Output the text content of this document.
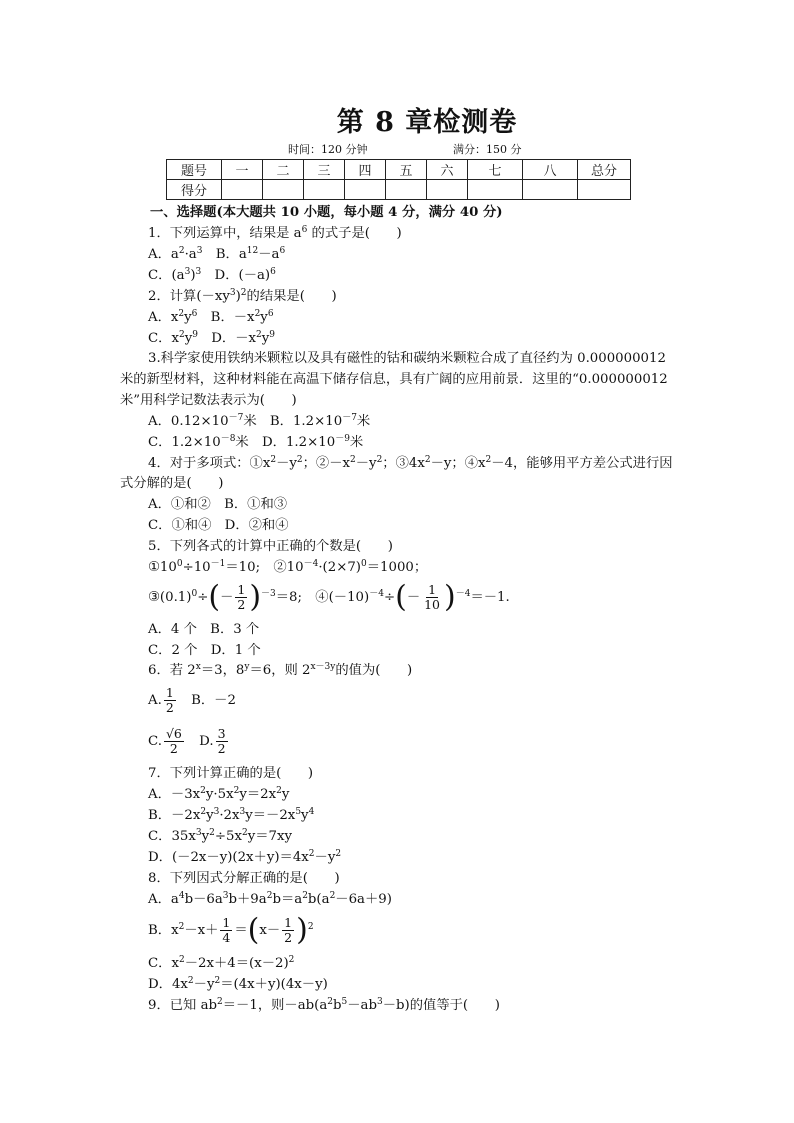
第 8 章检测卷
时间：120 分钟	满分：150 分
题号	一	二	三	四	五	六	七	八	总分
得分									
一、选择题(本大题共 10 小题，每小题 4 分，满分 40 分)
1．下列运算中，结果是 $a^6$ 的式子是(　　)
A．$a^2\cdot a^3$　B．$a^{12}-a^6$
C．$(a^3)^3$　D．$(-a)^6$
2．计算$(-xy^3)^2$的结果是(　　)
A．$x^2y^6$　B．$-x^2y^6$
C．$x^2y^9$　D．$-x^2y^9$
3.科学家使用铁纳米颗粒以及具有磁性的钴和碳纳米颗粒合成了直径约为 0.000000012
米的新型材料，这种材料能在高温下储存信息，具有广阔的应用前景．这里的“0.000000012
米”用科学记数法表示为(　　)
A．$0.12\times 10^{-7}$米　B．$1.2\times 10^{-7}$米
C．$1.2\times 10^{-8}$米　D．$1.2\times 10^{-9}$米
4．对于多项式：$①x^2-y^2$；$②-x^2-y^2$；$③4x^2-y$；$④x^2-4$，能够用平方差公式进行因
式分解的是(　　)
A．①和②　B．①和③
C．①和④　D．②和④
5．下列各式的计算中正确的个数是(　　)
$①10^0\div 10^{-1}=10$;　$②10^{-4}\cdot(2\times 7)^0=1000$；
$③(0.1)^0\div(- \frac{1}{2} )^{-3}=8$;　$④(-10)^{-4}\div(- \frac{1}{10} )^{-4}=-1$.
A．4 个　B．3 个
C．2 个　D．1 个
6．若 $2^x=3$，$8^y=6$，则 $2^{x-3y}$的值为(　　)
A. $\frac{1}{2}$ 　B．－2
C. $\frac{√6}{2}$ 　D. $\frac{3}{2}$
7．下列计算正确的是(　　)
A．$-3x^2y\cdot 5x^2y=2x^2y$
B．$-2x^2y^3\cdot 2x^3y=-2x^5y^4$
C．$35x^3y^2\div 5x^2y=7xy$
D．$(-2x-y)(2x+y)=4x^2-y^2$
8．下列因式分解正确的是(　　)
A．$a^4b-6a^3b+9a^2b=a^2b(a^2-6a+9)$
B．$x^2-x+ \frac{1}{4} =(x- \frac{1}{2} )^2$
C．$x^2-2x+4=(x-2)^2$
D．$4x^2-y^2=(4x+y)(4x-y)$
9．已知 $ab^2=-1$，则$-ab(a^2b^5-ab^3-b)$的值等于(　　)
